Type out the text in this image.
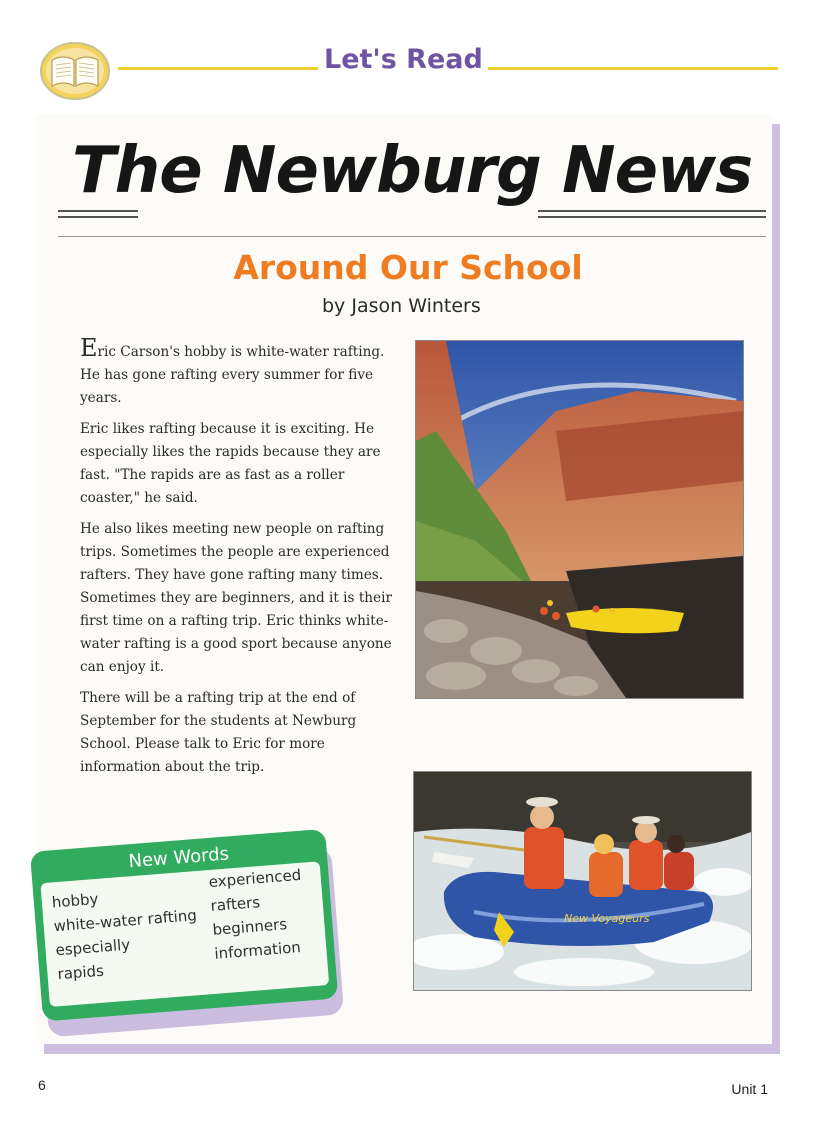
Let's Read
The Newburg News
Around Our School
by Jason Winters

Eric Carson's hobby is white-water rafting. He has gone rafting every summer for five years.

Eric likes rafting because it is exciting. He especially likes the rapids because they are fast. "The rapids are as fast as a roller coaster," he said.

He also likes meeting new people on rafting trips. Sometimes the people are experienced rafters. They have gone rafting many times. Sometimes they are beginners, and it is their first time on a rafting trip. Eric thinks white-water rafting is a good sport because anyone can enjoy it.

There will be a rafting trip at the end of September for the students at Newburg School. Please talk to Eric for more information about the trip.

New Voyageurs
New Words
hobby
white-water rafting
especially
rapids
experienced
rafters
beginners
information
6	Unit 1
